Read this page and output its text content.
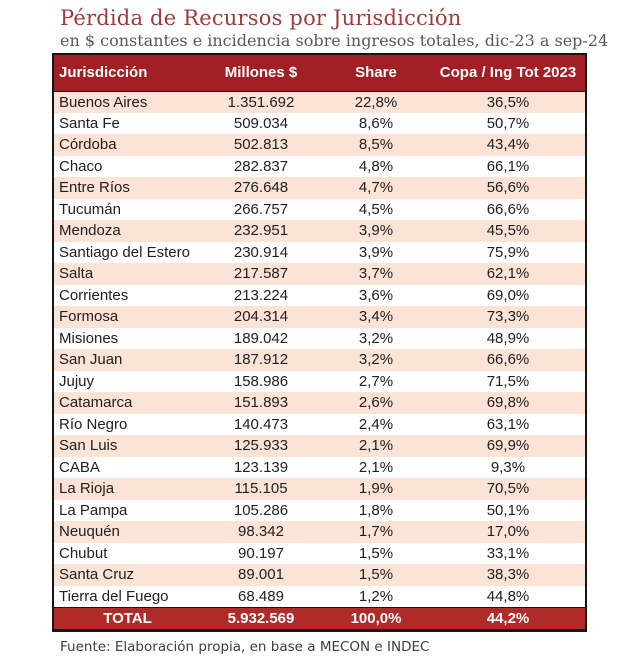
Pérdida de Recursos por Jurisdicción

en $ constantes e incidencia sobre ingresos totales, dic-23 a sep-24

Jurisdicción	Millones $	Share	Copa / Ing Tot 2023
Buenos Aires	1.351.692	22,8%	36,5%
Santa Fe	509.034	8,6%	50,7%
Córdoba	502.813	8,5%	43,4%
Chaco	282.837	4,8%	66,1%
Entre Ríos	276.648	4,7%	56,6%
Tucumán	266.757	4,5%	66,6%
Mendoza	232.951	3,9%	45,5%
Santiago del Estero	230.914	3,9%	75,9%
Salta	217.587	3,7%	62,1%
Corrientes	213.224	3,6%	69,0%
Formosa	204.314	3,4%	73,3%
Misiones	189.042	3,2%	48,9%
San Juan	187.912	3,2%	66,6%
Jujuy	158.986	2,7%	71,5%
Catamarca	151.893	2,6%	69,8%
Río Negro	140.473	2,4%	63,1%
San Luis	125.933	2,1%	69,9%
CABA	123.139	2,1%	9,3%
La Rioja	115.105	1,9%	70,5%
La Pampa	105.286	1,8%	50,1%
Neuquén	98.342	1,7%	17,0%
Chubut	90.197	1,5%	33,1%
Santa Cruz	89.001	1,5%	38,3%
Tierra del Fuego	68.489	1,2%	44,8%
TOTAL	5.932.569	100,0%	44,2%

Fuente: Elaboración propia, en base a MECON e INDEC
